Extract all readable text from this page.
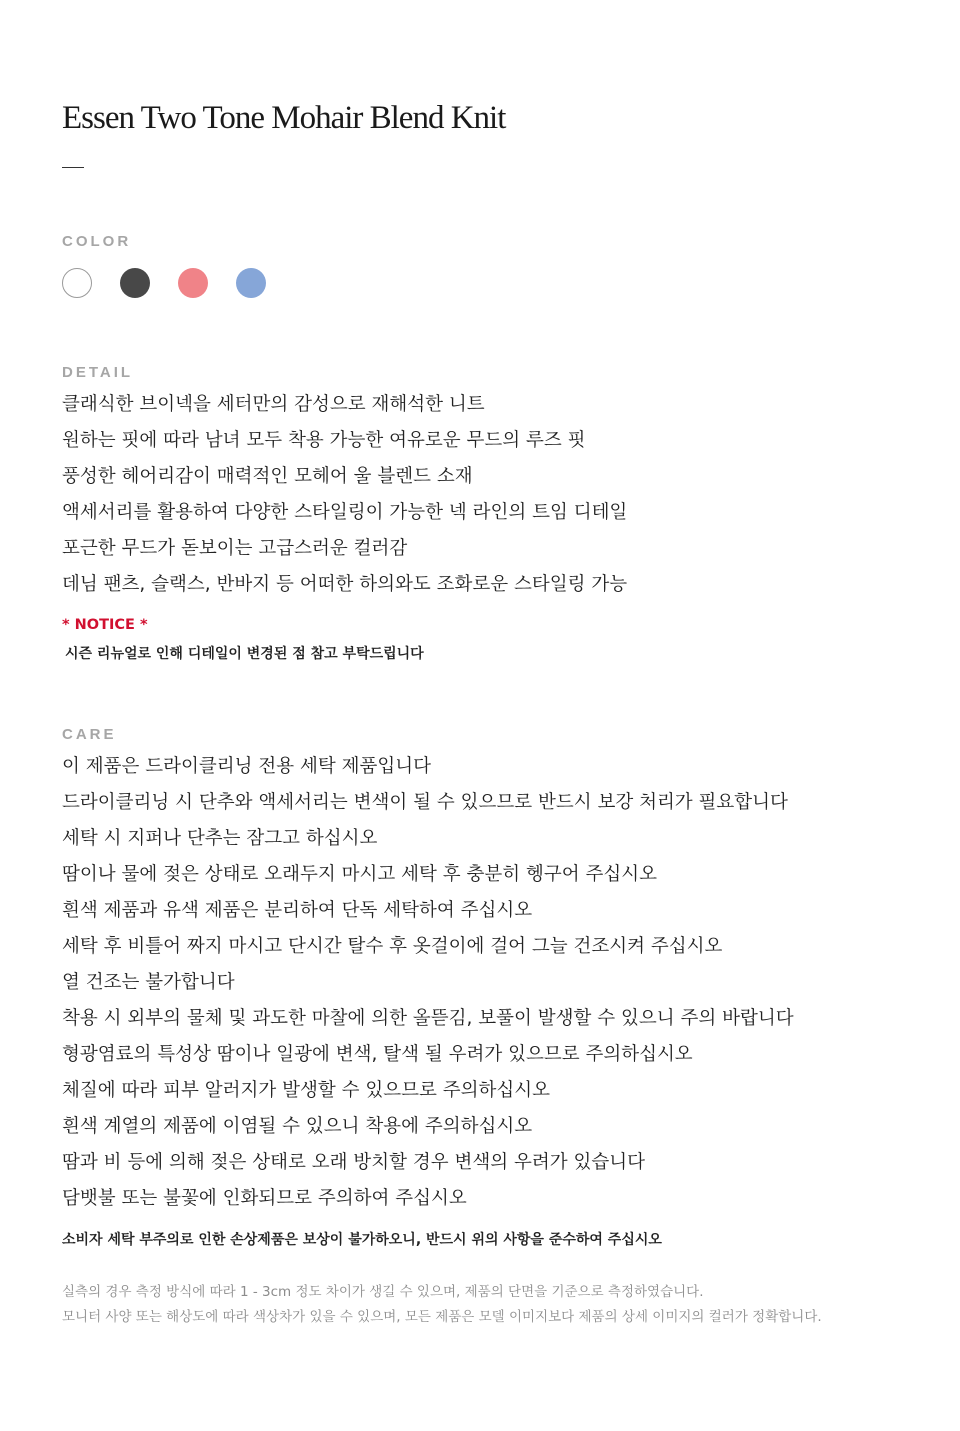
Essen Two Tone Mohair Blend Knit
COLOR
DETAIL
클래식한 브이넥을 세터만의 감성으로 재해석한 니트
원하는 핏에 따라 남녀 모두 착용 가능한 여유로운 무드의 루즈 핏
풍성한 헤어리감이 매력적인 모헤어 울 블렌드 소재
액세서리를 활용하여 다양한 스타일링이 가능한 넥 라인의 트임 디테일
포근한 무드가 돋보이는 고급스러운 컬러감
데님 팬츠, 슬랙스, 반바지 등 어떠한 하의와도 조화로운 스타일링 가능
* NOTICE *
시즌 리뉴얼로 인해 디테일이 변경된 점 참고 부탁드립니다
CARE
이 제품은 드라이클리닝 전용 세탁 제품입니다
드라이클리닝 시 단추와 액세서리는 변색이 될 수 있으므로 반드시 보강 처리가 필요합니다
세탁 시 지퍼나 단추는 잠그고 하십시오
땀이나 물에 젖은 상태로 오래두지 마시고 세탁 후 충분히 헹구어 주십시오
흰색 제품과 유색 제품은 분리하여 단독 세탁하여 주십시오
세탁 후 비틀어 짜지 마시고 단시간 탈수 후 옷걸이에 걸어 그늘 건조시켜 주십시오
열 건조는 불가합니다
착용 시 외부의 물체 및 과도한 마찰에 의한 올뜯김, 보풀이 발생할 수 있으니 주의 바랍니다
형광염료의 특성상 땀이나 일광에 변색, 탈색 될 우려가 있으므로 주의하십시오
체질에 따라 피부 알러지가 발생할 수 있으므로 주의하십시오
흰색 계열의 제품에 이염될 수 있으니 착용에 주의하십시오
땀과 비 등에 의해 젖은 상태로 오래 방치할 경우 변색의 우려가 있습니다
담뱃불 또는 불꽃에 인화되므로 주의하여 주십시오
소비자 세탁 부주의로 인한 손상제품은 보상이 불가하오니, 반드시 위의 사항을 준수하여 주십시오
실측의 경우 측정 방식에 따라 1 - 3cm 정도 차이가 생길 수 있으며, 제품의 단면을 기준으로 측정하였습니다.
모니터 사양 또는 해상도에 따라 색상차가 있을 수 있으며, 모든 제품은 모델 이미지보다 제품의 상세 이미지의 컬러가 정확합니다.
